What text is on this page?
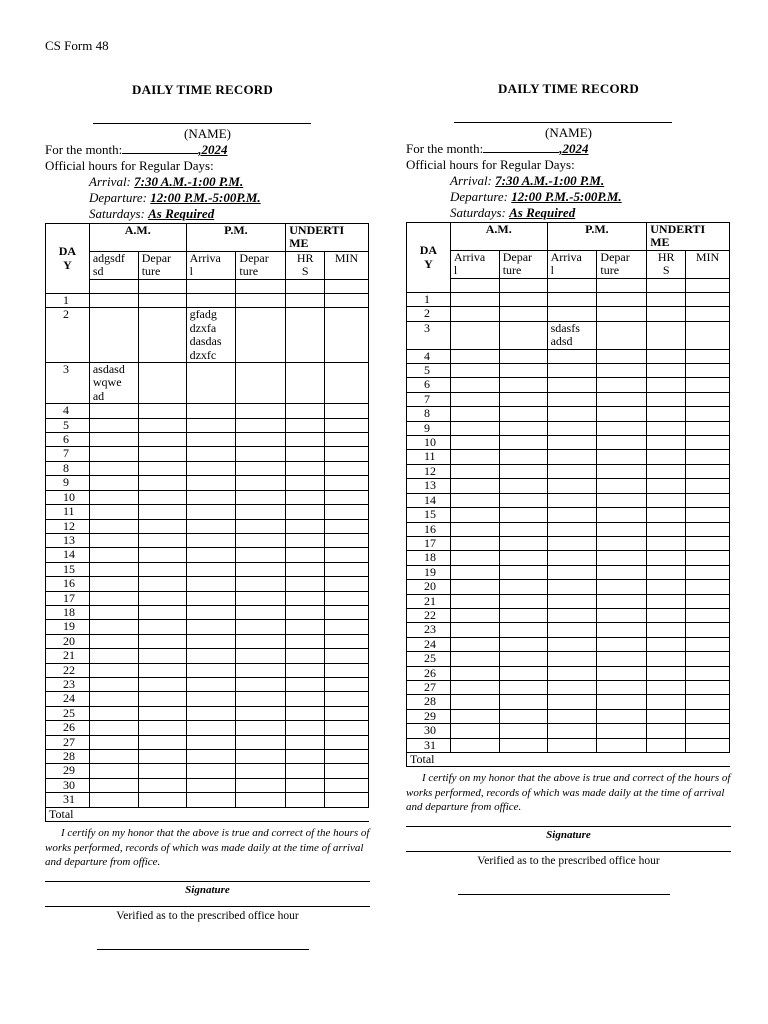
CS Form 48
DAILY TIME RECORD
(NAME)
For the month:	,2024
Official hours for Regular Days:
Arrival: 7:30 A.M.-1:00 P.M.
Departure: 12:00 P.M.-5:00P.M.
Saturdays: As Required
DA
Y	A.M.		P.M.		UNDERTI
ME	
	adgsdf
sd	Depar
ture	Arriva
l	Depar
ture	HR
S	MIN

1						
2			gfadg
dzxfa
dasdas
dzxfc			
3	asdasd
wqwe
ad					
4						
5						
6						
7						
8						
9						
10						
11						
12						
13						
14						
15						
16						
17						
18						
19						
20						
21						
22						
23						
24						
25						
26						
27						
28						
29						
30						
31						
Total						
I certify on my honor that the above is true and correct of the hours of works performed, records of which was made daily at the time of arrival and departure from office.
Signature
Verified as to the prescribed office hour
DAILY TIME RECORD
(NAME)
For the month:	,2024
Official hours for Regular Days:
Arrival: 7:30 A.M.-1:00 P.M.
Departure: 12:00 P.M.-5:00P.M.
Saturdays: As Required
DA
Y	A.M.		P.M.		UNDERTI
ME	
	Arriva
l	Depar
ture	Arriva
l	Depar
ture	HR
S	MIN

1						
2						
3			sdasfs
adsd			
4						
5						
6						
7						
8						
9						
10						
11						
12						
13						
14						
15						
16						
17						
18						
19						
20						
21						
22						
23						
24						
25						
26						
27						
28						
29						
30						
31						
Total						
I certify on my honor that the above is true and correct of the hours of works performed, records of which was made daily at the time of arrival and departure from office.
Signature
Verified as to the prescribed office hour
